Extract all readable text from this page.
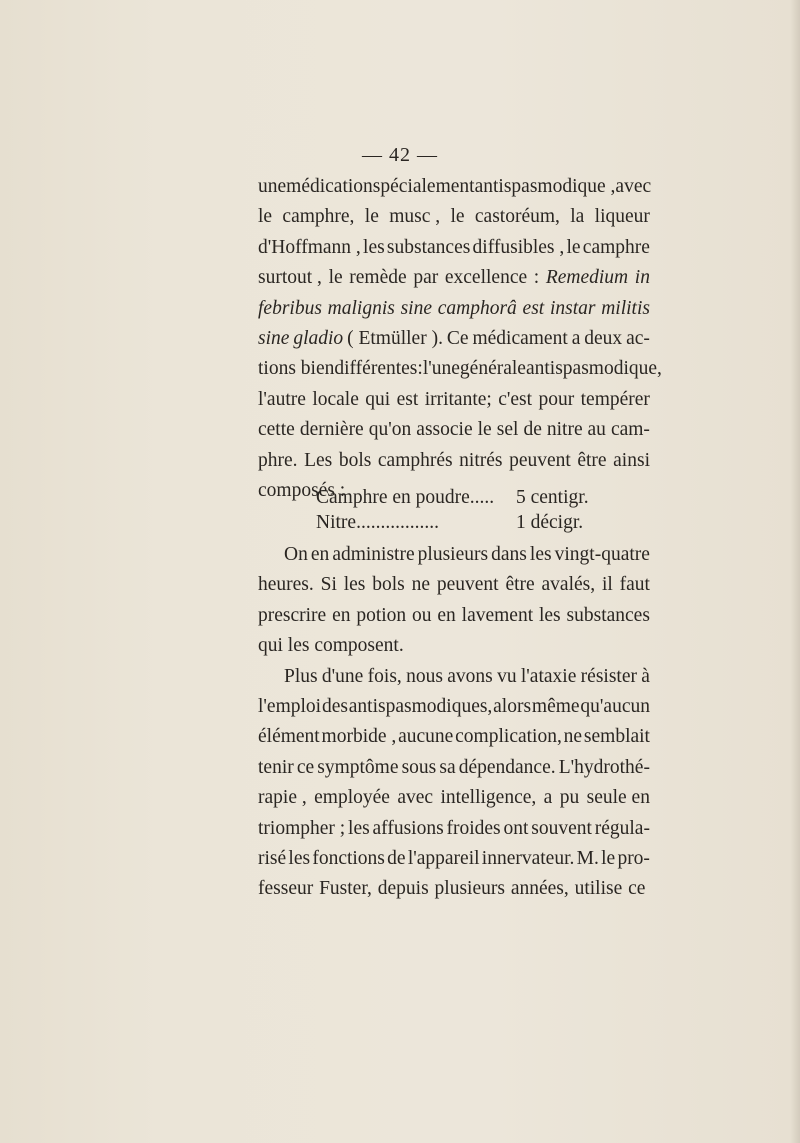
— 42 —
une médication spécialement antispasmodique , avec
le camphre, le musc , le castoréum, la liqueur
d'Hoffmann , les substances diffusibles , le camphre
surtout , le remède par excellence : Remedium in
febribus malignis sine camphorâ est instar militis
sine gladio ( Etmüller ). Ce médicament a deux ac-
tions bien différentes : l'une générale antispasmodique,
l'autre locale qui est irritante; c'est pour tempérer
cette dernière qu'on associe le sel de nitre au cam-
phre. Les bols camphrés nitrés peuvent être ainsi
composés :
Camphre en poudre..... 5 centigr.
Nitre.................	1 décigr.
On en administre plusieurs dans les vingt-quatre
heures. Si les bols ne peuvent être avalés, il faut
prescrire en potion ou en lavement les substances
qui les composent.
Plus d'une fois, nous avons vu l'ataxie résister à
l'emploi des antispasmodiques, alors même qu'aucun
élément morbide , aucune complication, ne semblait
tenir ce symptôme sous sa dépendance. L'hydrothé-
rapie , employée avec intelligence, a pu seule en
triompher ; les affusions froides ont souvent régula-
risé les fonctions de l'appareil innervateur. M. le pro-
fesseur Fuster, depuis plusieurs années, utilise ce
